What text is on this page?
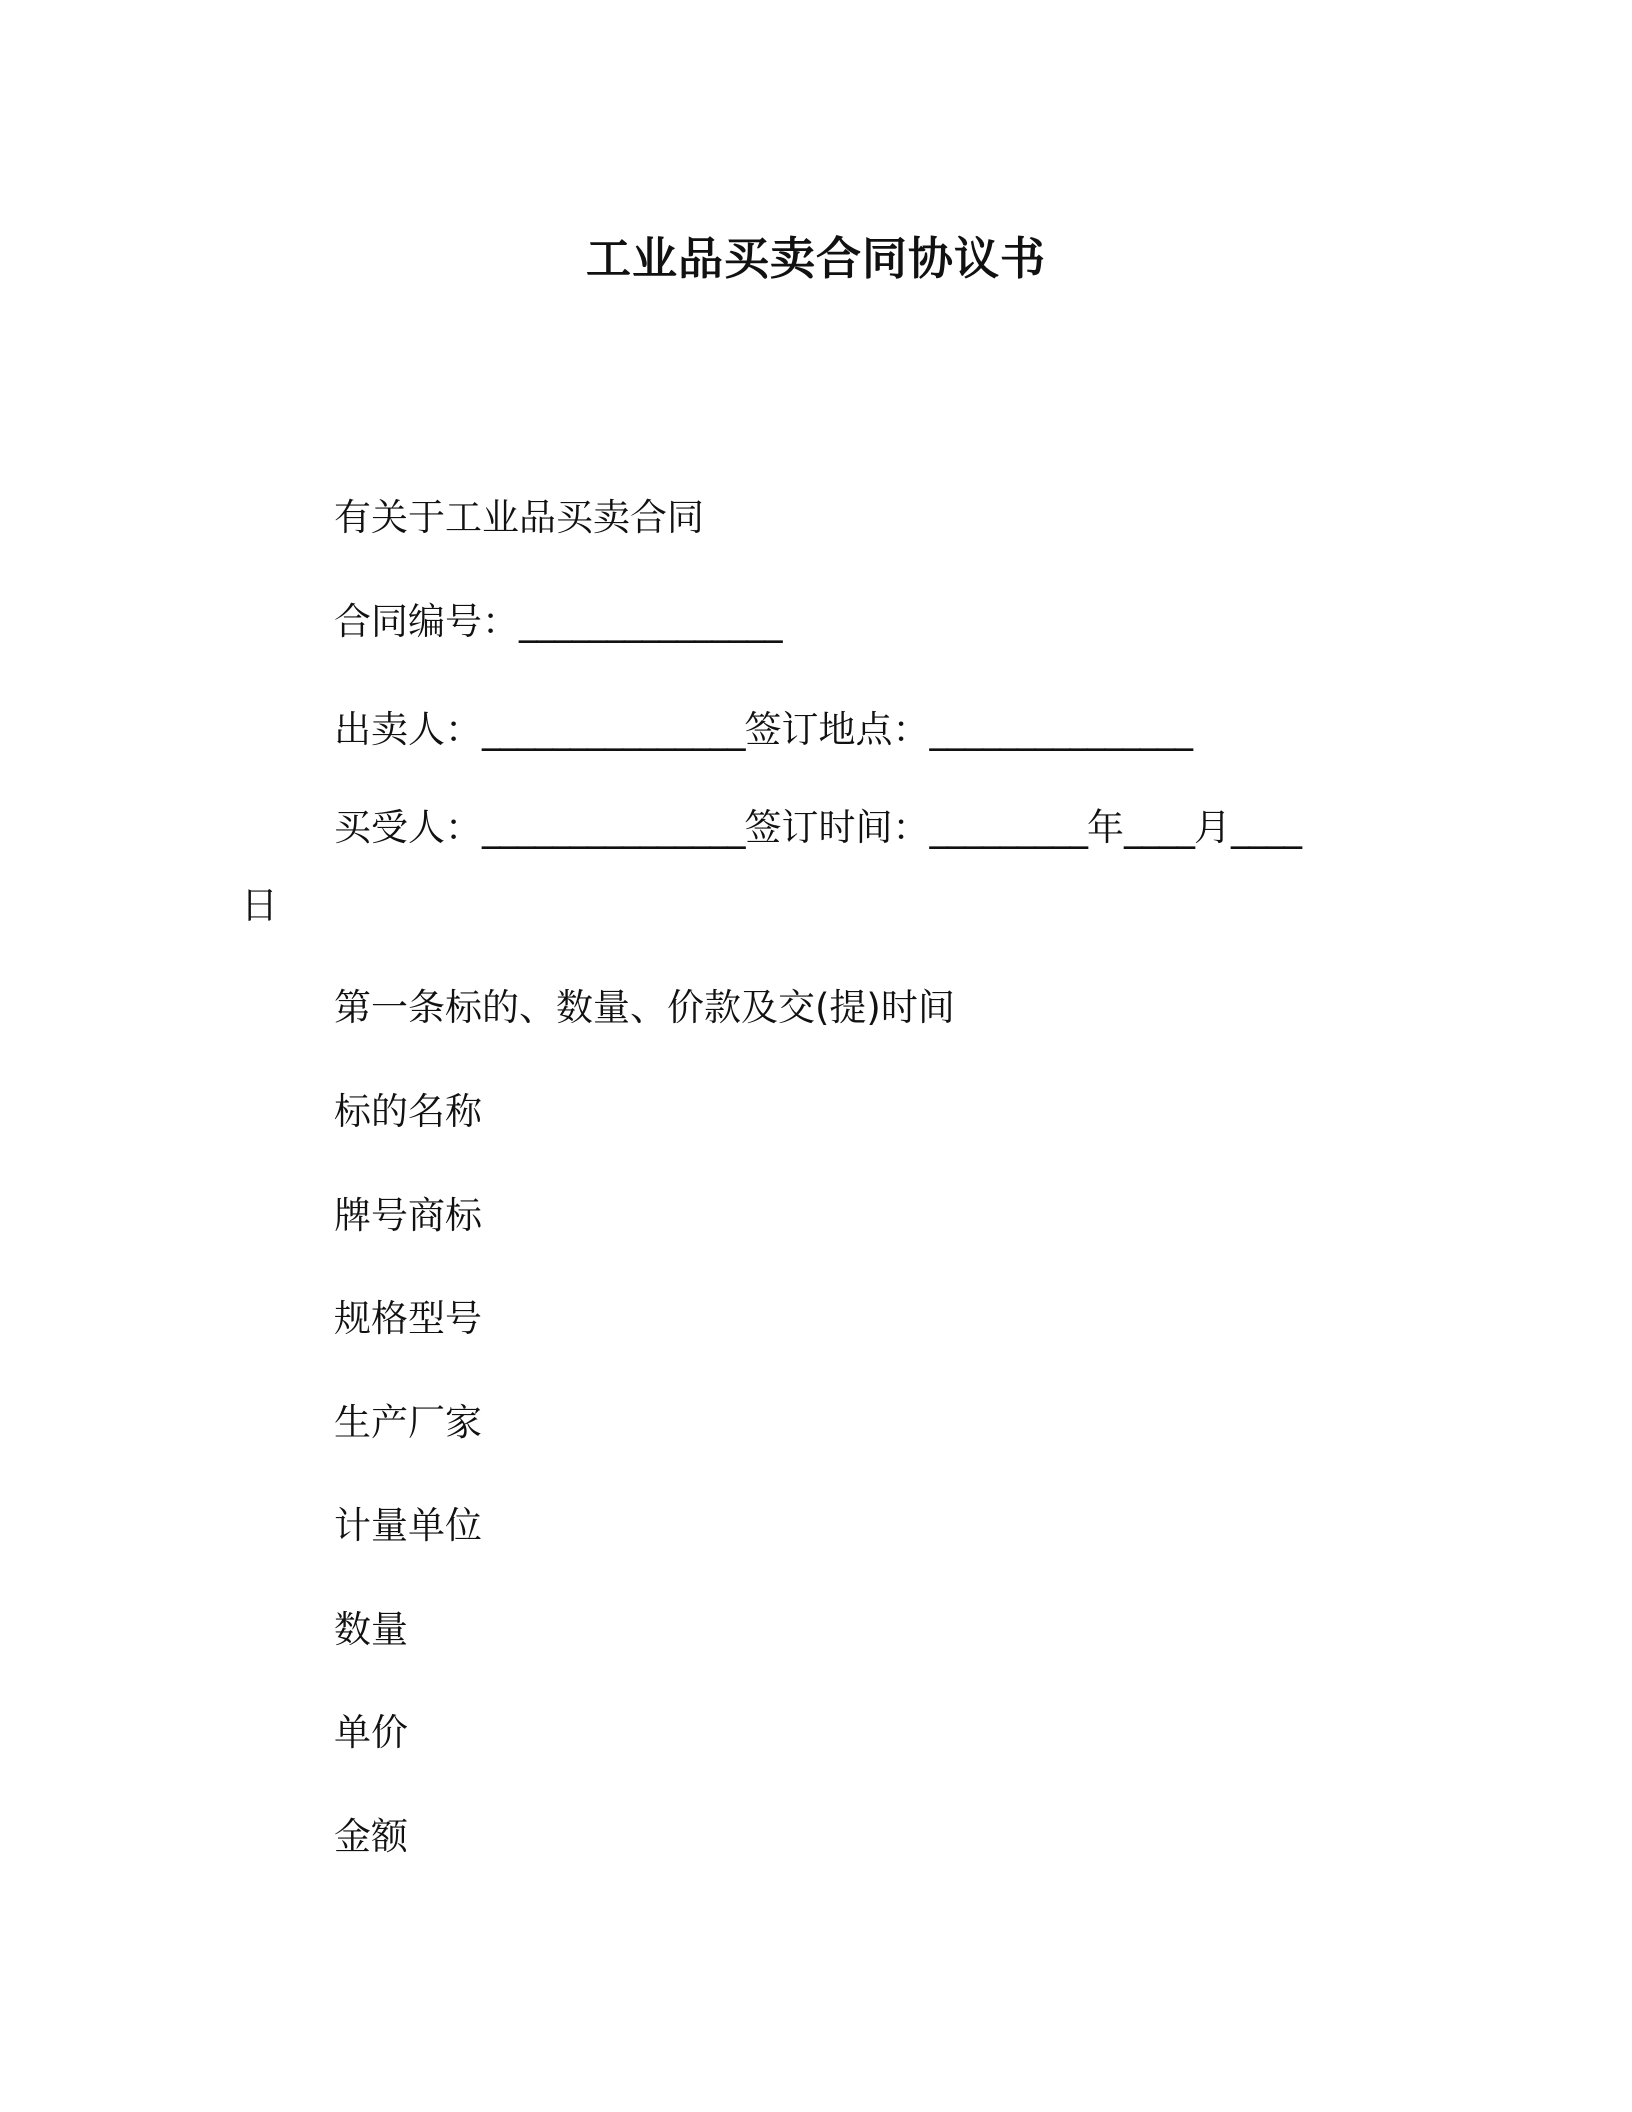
工业品买卖合同协议书
有关于工业品买卖合同
合同编号：_______________
出卖人：_______________签订地点：_______________
买受人：_______________签订时间：_________年____月____
日
第一条标的、数量、价款及交(提)时间
标的名称
牌号商标
规格型号
生产厂家
计量单位
数量
单价
金额
